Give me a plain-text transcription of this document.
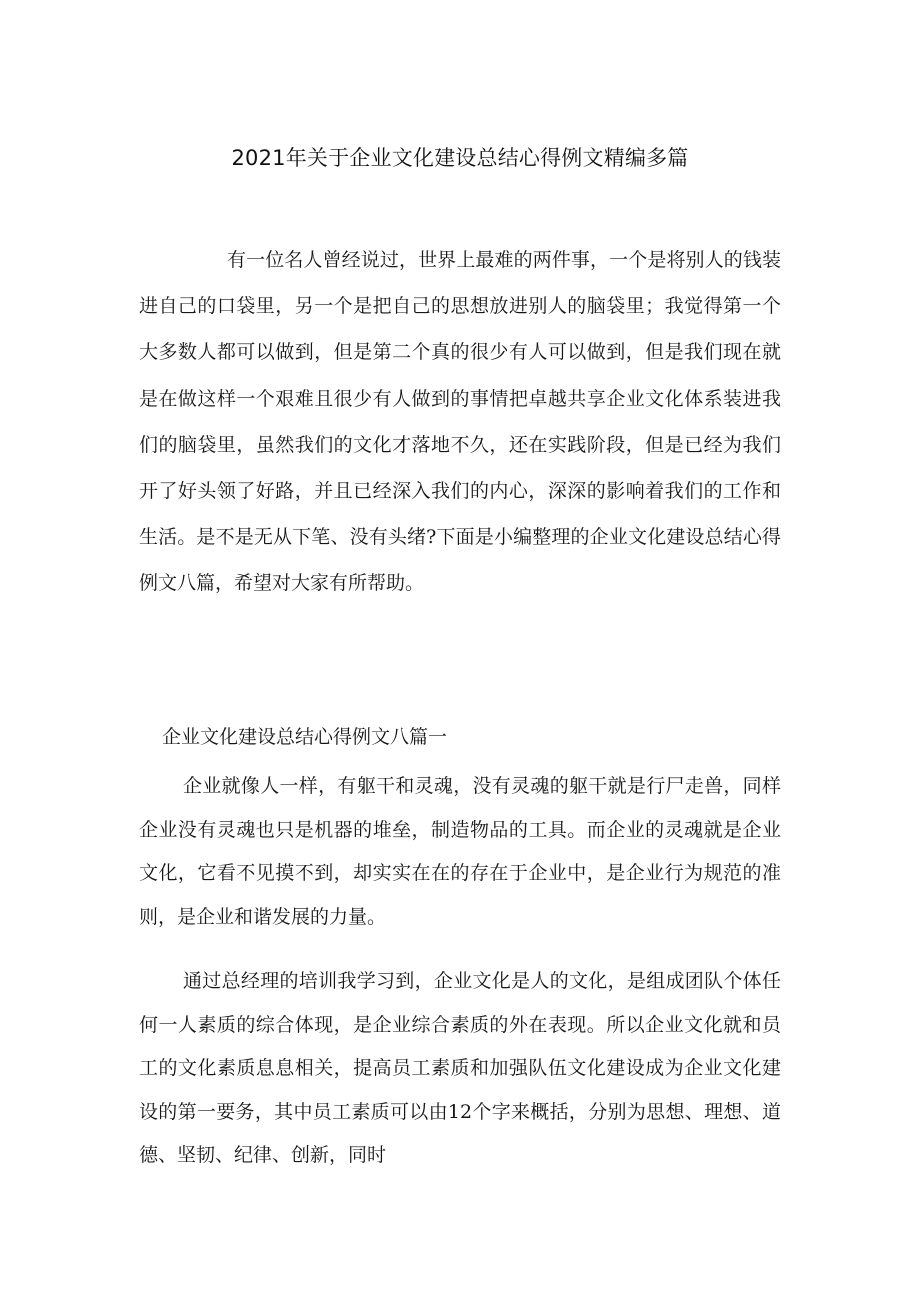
2021年关于企业文化建设总结心得例文精编多篇

有一位名人曾经说过，世界上最难的两件事，一个是将别人的钱装进自己的口袋里，另一个是把自己的思想放进别人的脑袋里；我觉得第一个大多数人都可以做到，但是第二个真的很少有人可以做到，但是我们现在就是在做这样一个艰难且很少有人做到的事情把卓越共享企业文化体系装进我们的脑袋里，虽然我们的文化才落地不久，还在实践阶段，但是已经为我们开了好头领了好路，并且已经深入我们的内心，深深的影响着我们的工作和生活。是不是无从下笔、没有头绪?下面是小编整理的企业文化建设总结心得例文八篇，希望对大家有所帮助。

企业文化建设总结心得例文八篇一

企业就像人一样，有躯干和灵魂，没有灵魂的躯干就是行尸走兽，同样企业没有灵魂也只是机器的堆垒，制造物品的工具。而企业的灵魂就是企业文化，它看不见摸不到，却实实在在的存在于企业中，是企业行为规范的准则，是企业和谐发展的力量。

通过总经理的培训我学习到，企业文化是人的文化，是组成团队个体任何一人素质的综合体现，是企业综合素质的外在表现。所以企业文化就和员工的文化素质息息相关，提高员工素质和加强队伍文化建设成为企业文化建设的第一要务，其中员工素质可以由12个字来概括，分别为思想、理想、道德、坚韧、纪律、创新，同时
